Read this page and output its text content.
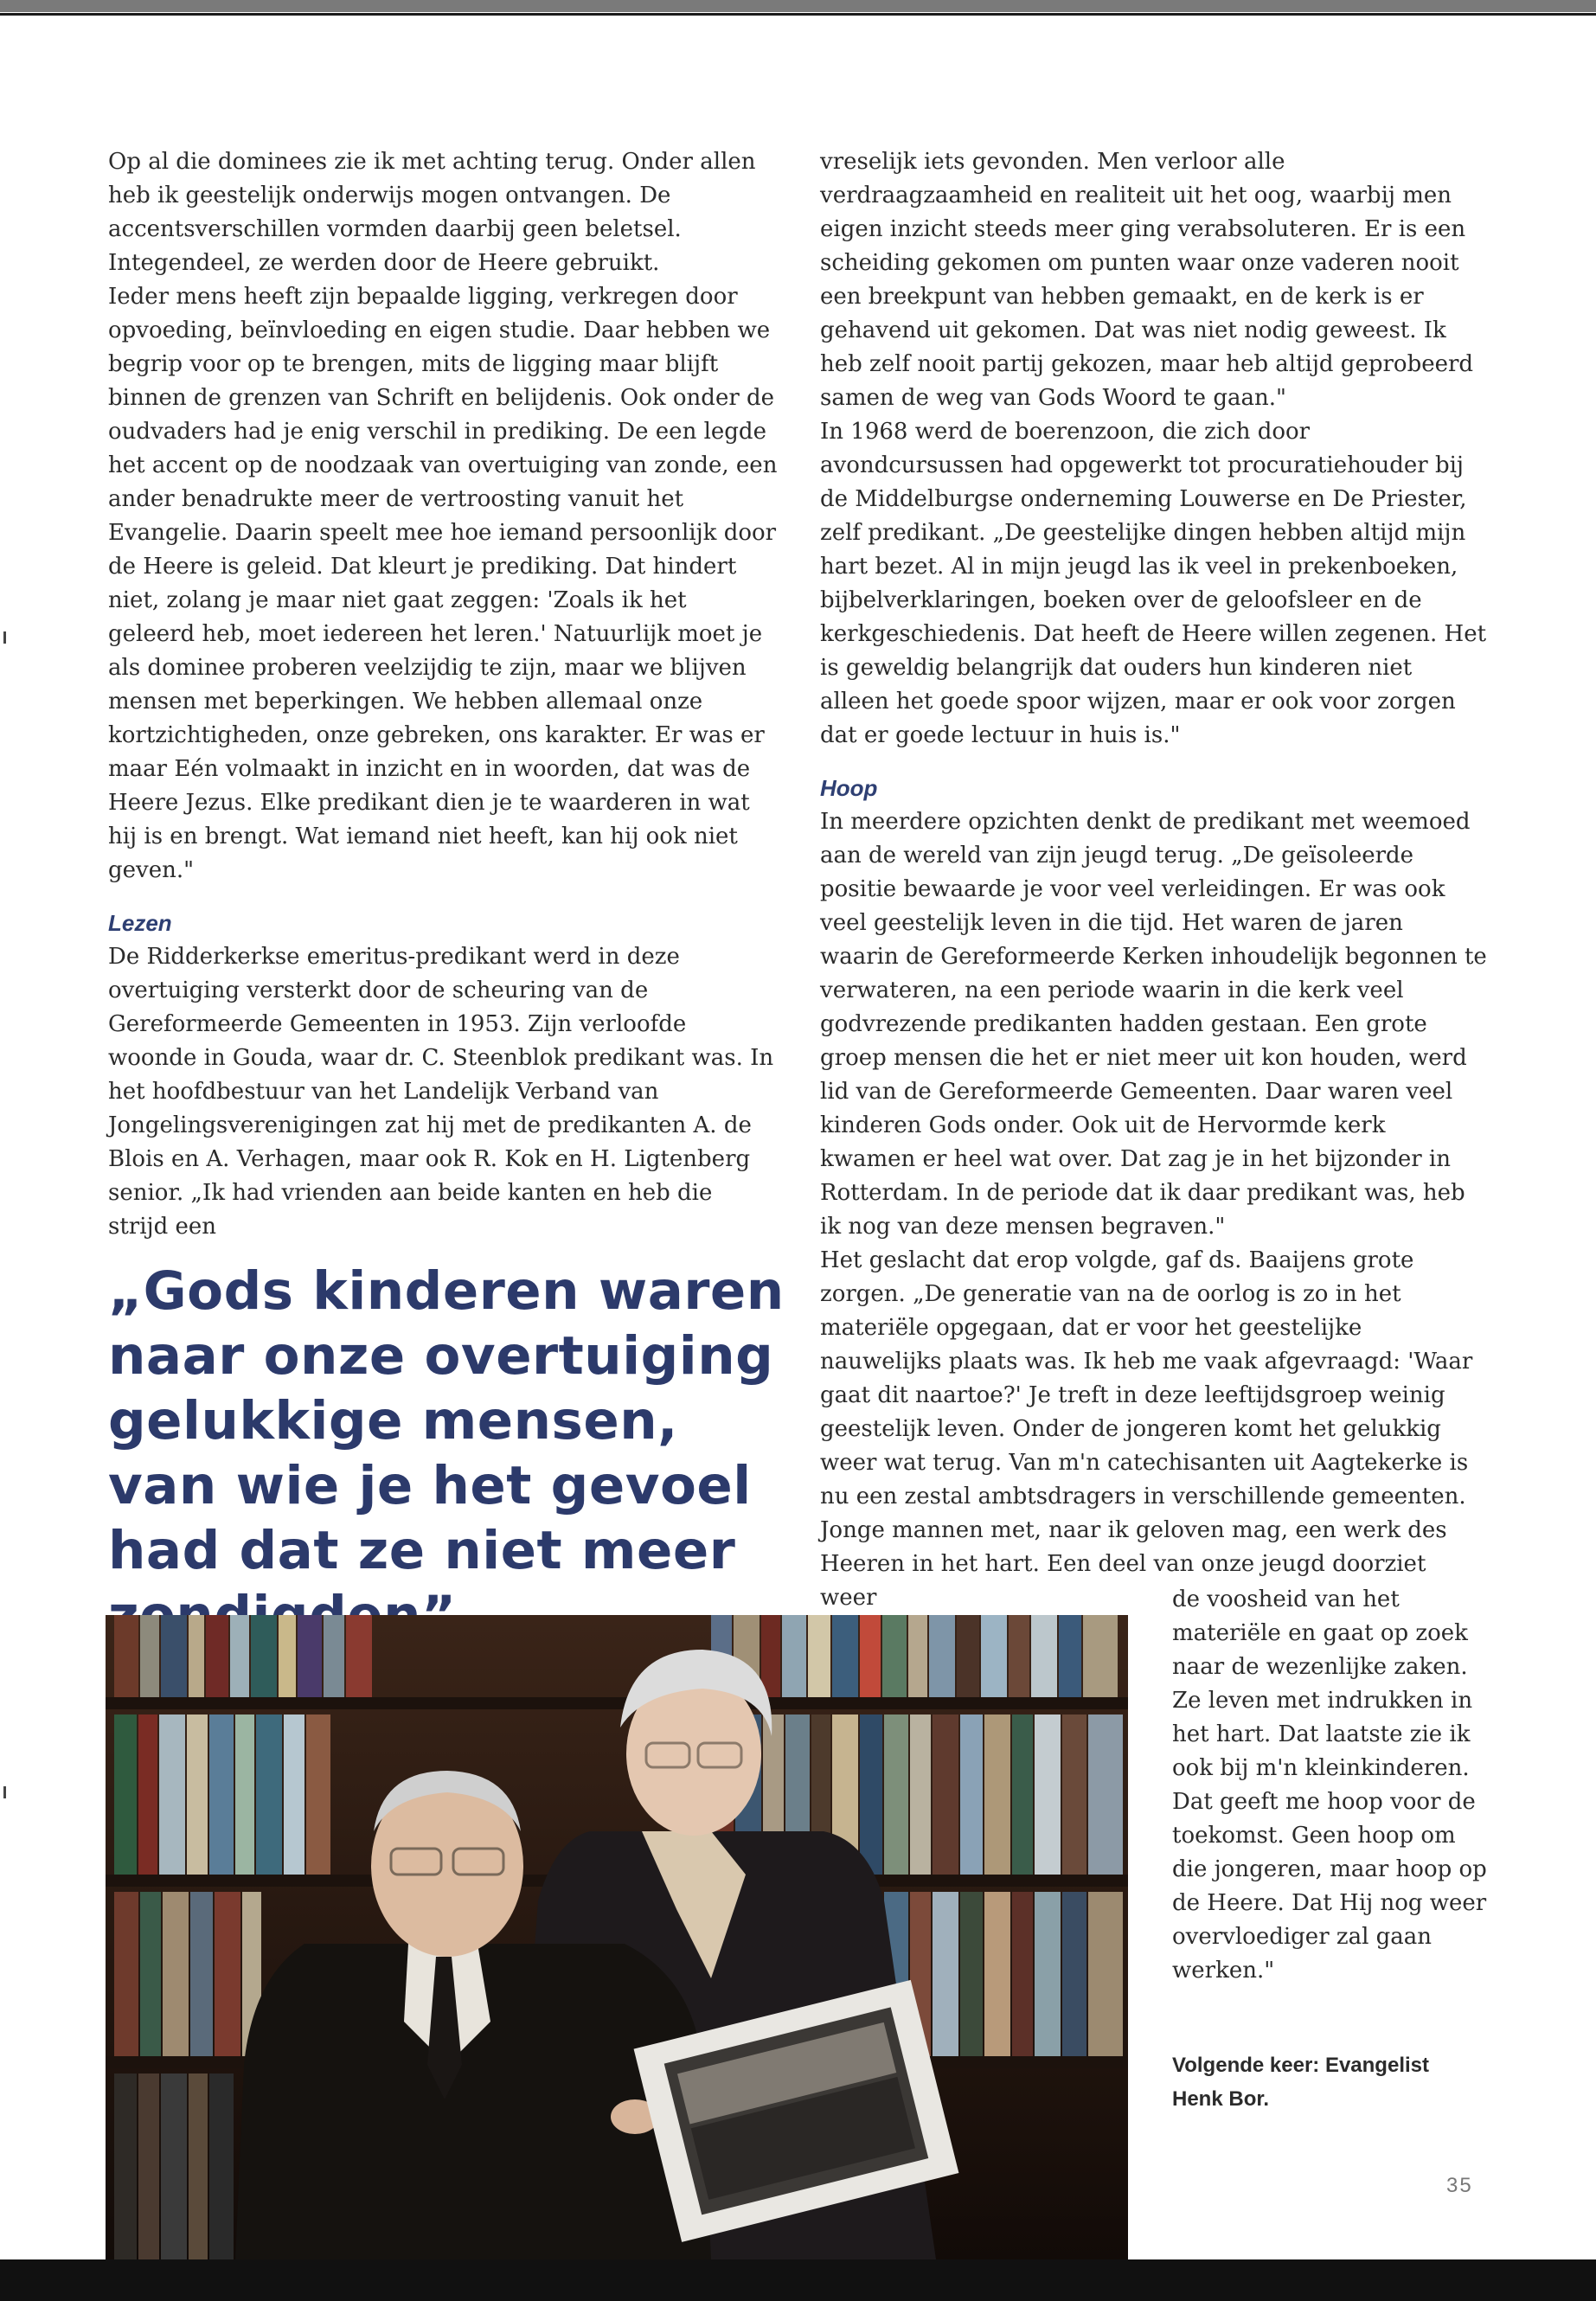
Op al die dominees zie ik met achting terug. Onder allen heb ik geestelijk onderwijs mogen ontvangen. De accentsverschillen vormden daarbij geen beletsel. Integendeel, ze werden door de Heere gebruikt.

Ieder mens heeft zijn bepaalde ligging, verkregen door opvoeding, beïnvloeding en eigen studie. Daar hebben we begrip voor op te brengen, mits de ligging maar blijft binnen de grenzen van Schrift en belijdenis. Ook onder de oudvaders had je enig verschil in prediking. De een legde het accent op de noodzaak van overtuiging van zonde, een ander benadrukte meer de vertroosting vanuit het Evangelie. Daarin speelt mee hoe iemand persoonlijk door de Heere is geleid. Dat kleurt je prediking. Dat hindert niet, zolang je maar niet gaat zeggen: 'Zoals ik het geleerd heb, moet iedereen het leren.' Natuurlijk moet je als dominee proberen veelzijdig te zijn, maar we blijven mensen met beperkingen. We hebben allemaal onze kortzichtigheden, onze gebreken, ons karakter. Er was er maar Eén volmaakt in inzicht en in woorden, dat was de Heere Jezus. Elke predikant dien je te waarderen in wat hij is en brengt. Wat iemand niet heeft, kan hij ook niet geven."

Lezen

De Ridderkerkse emeritus-predikant werd in deze overtuiging versterkt door de scheuring van de Gereformeerde Gemeenten in 1953. Zijn verloofde woonde in Gouda, waar dr. C. Steenblok predikant was. In het hoofdbestuur van het Landelijk Verband van Jongelingsverenigingen zat hij met de predikanten A. de Blois en A. Verhagen, maar ook R. Kok en H. Ligtenberg senior. „Ik had vrienden aan beide kanten en heb die strijd een

„Gods kinderen waren naar onze overtuiging gelukkige mensen, van wie je het gevoel had dat ze niet meer

vreselijk iets gevonden. Men verloor alle verdraagzaamheid en realiteit uit het oog, waarbij men eigen inzicht steeds meer ging verabsoluteren. Er is een scheiding gekomen om punten waar onze vaderen nooit een breekpunt van hebben gemaakt, en de kerk is er gehavend uit gekomen. Dat was niet nodig geweest. Ik heb zelf nooit partij gekozen, maar heb altijd geprobeerd samen de weg van Gods Woord te gaan."

In 1968 werd de boerenzoon, die zich door avondcursussen had opgewerkt tot procuratiehouder bij de Middelburgse onderneming Louwerse en De Priester, zelf predikant. „De geestelijke dingen hebben altijd mijn hart bezet. Al in mijn jeugd las ik veel in prekenboeken, bijbelverklaringen, boeken over de geloofsleer en de kerkgeschiedenis. Dat heeft de Heere willen zegenen. Het is geweldig belangrijk dat ouders hun kinderen niet alleen het goede spoor wijzen, maar er ook voor zorgen dat er goede lectuur in huis is."

Hoop

In meerdere opzichten denkt de predikant met weemoed aan de wereld van zijn jeugd terug. „De geïsoleerde positie bewaarde je voor veel verleidingen. Er was ook veel geestelijk leven in die tijd. Het waren de jaren waarin de Gereformeerde Kerken inhoudelijk begonnen te verwateren, na een periode waarin in die kerk veel godvrezende predikanten hadden gestaan. Een grote groep mensen die het er niet meer uit kon houden, werd lid van de Gereformeerde Gemeenten. Daar waren veel kinderen Gods onder. Ook uit de Hervormde kerk kwamen er heel wat over. Dat zag je in het bijzonder in Rotterdam. In de periode dat ik daar predikant was, heb ik nog van deze mensen begraven."

Het geslacht dat erop volgde, gaf ds. Baaijens grote zorgen. „De generatie van na de oorlog is zo in het materiële opgegaan, dat er voor het geestelijke nauwelijks plaats was. Ik heb me vaak afgevraagd: 'Waar gaat dit naartoe?' Je treft in deze leeftijdsgroep weinig geestelijk leven. Onder de jongeren komt het gelukkig weer wat terug. Van m'n catechisanten uit Aagtekerke is nu een zestal ambtsdragers in verschillende gemeenten. Jonge mannen met, naar ik geloven mag, een werk des Heeren in het hart. Een deel van onze jeugd doorziet weer	de voosheid van het materiële en gaat op zoek naar de wezenlijke zaken. Ze leven met indrukken in het hart. Dat laatste zie ik ook bij m'n kleinkinderen. Dat geeft me hoop voor de toekomst. Geen hoop om die jongeren, maar hoop op de Heere. Dat Hij nog weer overvloediger zal gaan werken."

Volgende keer: Evangelist Henk Bor.
35
